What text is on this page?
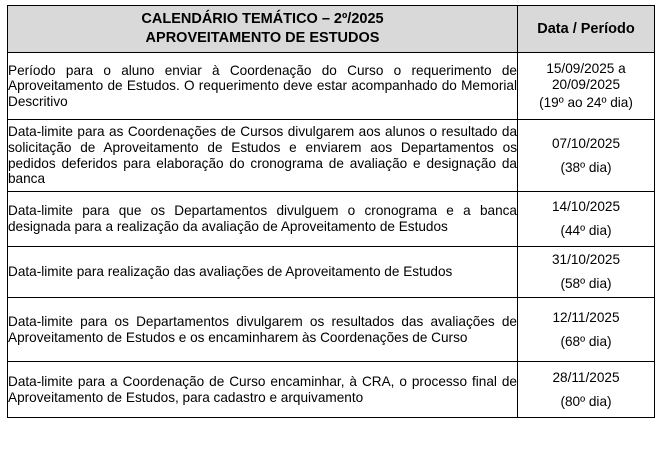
CALENDÁRIO TEMÁTICO – 2º/2025
APROVEITAMENTO DE ESTUDOS	Data / Período

Período para o aluno enviar à Coordenação do Curso o requerimento de Aproveitamento de Estudos. O requerimento deve estar acompanhado do Memorial Descritivo	15/09/2025 a 20/09/2025
(19º ao 24º dia)

Data-limite para as Coordenações de Cursos divulgarem aos alunos o resultado da solicitação de Aproveitamento de Estudos e enviarem aos Departamentos os pedidos deferidos para elaboração do cronograma de avaliação e designação da banca	07/10/2025
(38º dia)

Data-limite para que os Departamentos divulguem o cronograma e a banca designada para a realização da avaliação de Aproveitamento de Estudos	14/10/2025
(44º dia)

Data-limite para realização das avaliações de Aproveitamento de Estudos	31/10/2025
(58º dia)

Data-limite para os Departamentos divulgarem os resultados das avaliações de Aproveitamento de Estudos e os encaminharem às Coordenações de Curso	12/11/2025
(68º dia)

Data-limite para a Coordenação de Curso encaminhar, à CRA, o processo final de Aproveitamento de Estudos, para cadastro e arquivamento	28/11/2025
(80º dia)
